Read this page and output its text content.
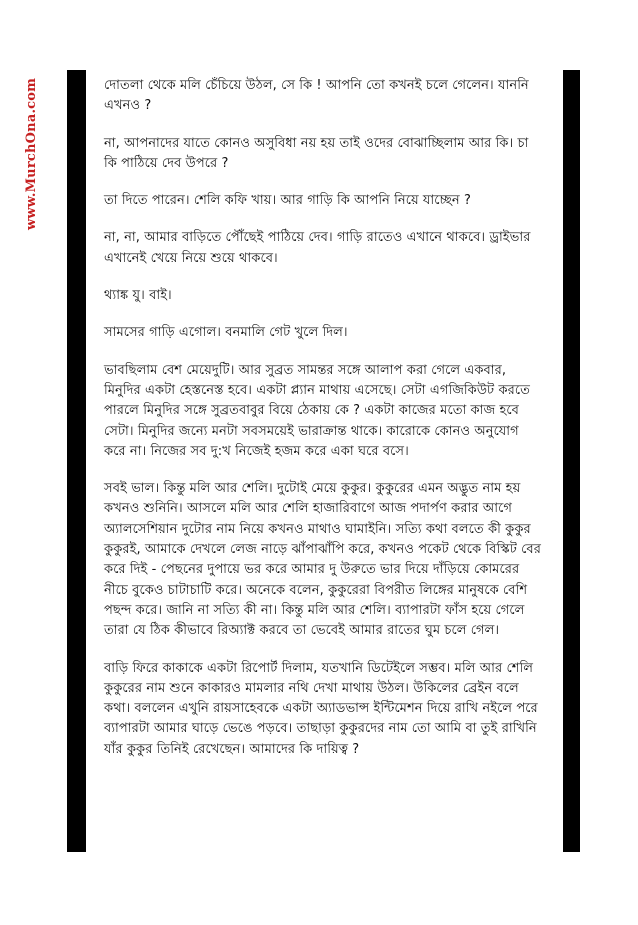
www.MurchOna.com	দোতলা থেকে মলি চেঁচিয়ে উঠল, সে কি ! আপনি তো কখনই চলে গেলেন। যাননি এখনও ?

না, আপনাদের যাতে কোনও অসুবিধা নয় হয় তাই ওদের বোঝাচ্ছিলাম আর কি। চা কি পাঠিয়ে দেব উপরে ?

তা দিতে পারেন। শেলি কফি খায়। আর গাড়ি কি আপনি নিয়ে যাচ্ছেন ?

না, না, আমার বাড়িতে পৌঁছেই পাঠিয়ে দেব। গাড়ি রাতেও এখানে থাকবে। ড্রাইভার এখানেই খেয়ে নিয়ে শুয়ে থাকবে।

থ্যাঙ্ক যু। বাই।

সামসের গাড়ি এগোল। বনমালি গেট খুলে দিল।

ভাবছিলাম বেশ মেয়েদুটি। আর সুব্রত সামন্তর সঙ্গে আলাপ করা গেলে একবার, মিনুদির একটা হেস্তনেস্ত হবে। একটা প্ল্যান মাথায় এসেছে। সেটা এগজিকিউট করতে পারলে মিনুদির সঙ্গে সুব্রতবাবুর বিয়ে ঠেকায় কে ? একটা কাজের মতো কাজ হবে সেটা। মিনুদির জন্যে মনটা সবসময়েই ভারাক্রান্ত থাকে। কারোকে কোনও অনুযোগ করে না। নিজের সব দু:খ নিজেই হজম করে একা ঘরে বসে।

সবই ভাল। কিন্তু মলি আর শেলি। দুটোই মেয়ে কুকুর। কুকুরের এমন অদ্ভুত নাম হয় কখনও শুনিনি। আসলে মলি আর শেলি হাজারিবাগে আজ পদার্পণ করার আগে অ্যালসেশিয়ান দুটোর নাম নিয়ে কখনও মাথাও ঘামাইনি। সত্যি কথা বলতে কী কুকুর কুকুরই, আমাকে দেখলে লেজ নাড়ে ঝাঁপাঝাঁপি করে, কখনও পকেট থেকে বিস্কিট বের করে দিই - পেছনের দুপায়ে ভর করে আমার দু উরুতে ভার দিয়ে দাঁড়িয়ে কোমরের নীচে বুকেও চাটাচাটি করে। অনেকে বলেন, কুকুরেরা বিপরীত লিঙ্গের মানুষকে বেশি পছন্দ করে। জানি না সত্যি কী না। কিন্তু মলি আর শেলি। ব্যাপারটা ফাঁস হয়ে গেলে তারা যে ঠিক কীভাবে রিঅ্যাক্ট করবে তা ভেবেই আমার রাতের ঘুম চলে গেল।

বাড়ি ফিরে কাকাকে একটা রিপোর্ট দিলাম, যতখানি ডিটেইলে সম্ভব। মলি আর শেলি কুকুরের নাম শুনে কাকারও মামলার নথি দেখা মাথায় উঠল। উকিলের ব্রেইন বলে কথা। বললেন এখুনি রায়সাহেবকে একটা অ্যাডভান্স ইন্টিমেশন দিয়ে রাখি নইলে পরে ব্যাপারটা আমার ঘাড়ে ভেঙে পড়বে। তাছাড়া কুকুরদের নাম তো আমি বা তুই রাখিনি যাঁর কুকুর তিনিই রেখেছেন। আমাদের কি দায়িত্ব ?
